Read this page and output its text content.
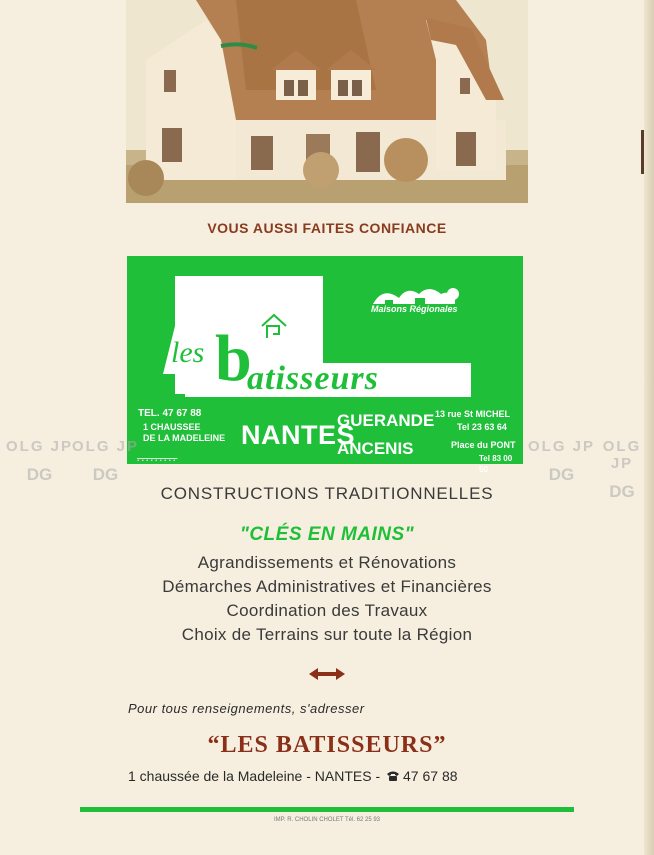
VOUS AUSSI FAITES CONFIANCE
les b
atisseurs
Maisons Régionales
TEL. 47 67 88
1 CHAUSSEE
DE LA MADELEINE NANTES
.........
GUERANDE
ANCENIS
13 rue St MICHEL
Tel 23 63 64
Place du PONT
Tel 83 00 50
OLG JP
DG
OLG JP
DG
OLG JP
DG
OLG JP
DG
CONSTRUCTIONS TRADITIONNELLES
"CLÉS EN MAINS"
Agrandissements et Rénovations
Démarches Administratives et Financières
Coordination des Travaux
Choix de Terrains sur toute la Région
Pour tous renseignements, s'adresser
“LES BATISSEURS”
1 chaussée de la Madeleine - NANTES - 47 67 88
IMP. R. CHOLIN CHOLET Tél. 62 25 93
